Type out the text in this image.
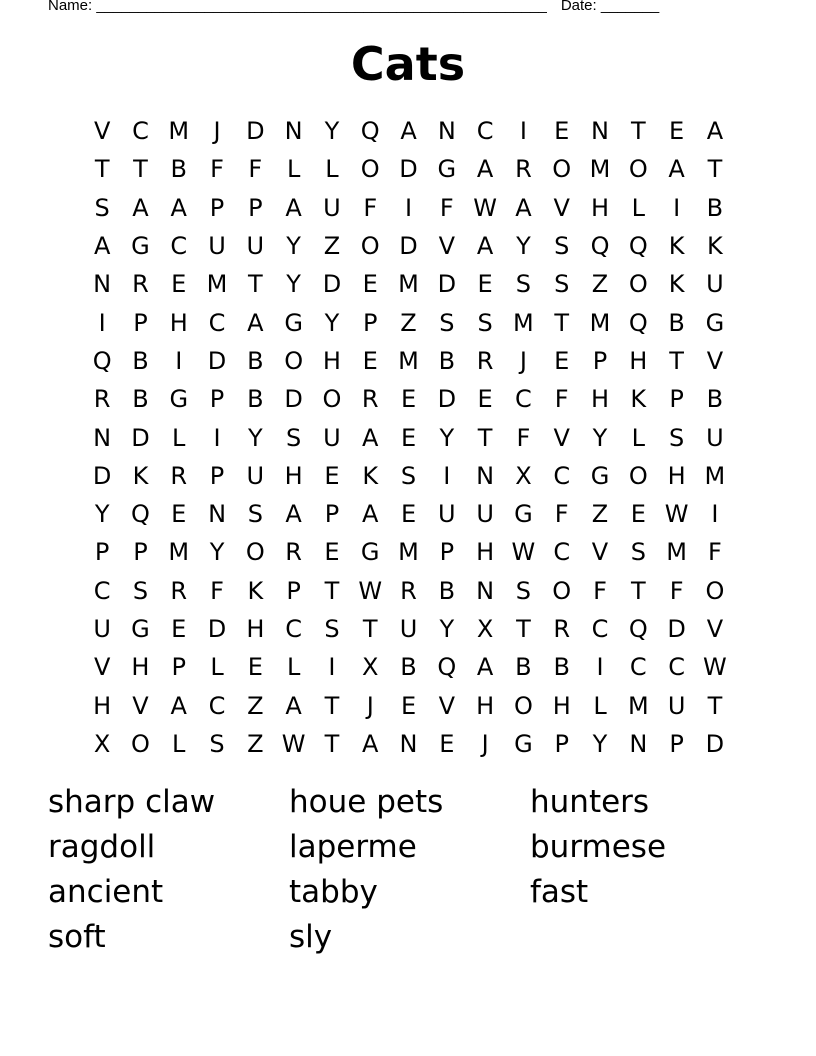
Name: ______________________________________________________ Date: _______
Cats
V C M	J	D N Y Q A N C	I	E N T E A
T T B F	F	L	L O D G A R O M O A T
S A A P P A U F	I	F W A V H L	I	B
A G C U U Y Z O D V A Y S Q Q K K
N R E M T Y D E M D E S S Z O K U
I	P H C A G Y P Z S S M T M Q B G
Q B	I	D B O H E M B R	J	E P H T V
R B G P B D O R E D E C F H K P B
N D L	I	Y S U A E Y T	F V Y	L	S U
D K R P U H E K S	I	N X C G O H M
Y Q E N S A P A E U U G F Z E W I
P P M Y O R E G M P H W C V S M F
C S R F K P T W R B N S O F	T	F O
U G E D H C S T U Y X T R C Q D V
V H P	L	E	L	I	X B Q A B B	I	C C W
H V A C Z A T	J	E V H O H L M U T
X O L	S Z W T A N E	J	G P Y N P D
sharp claw	houe pets	hunters
ragdoll	laperme	burmese
ancient	tabby	fast
soft	sly
